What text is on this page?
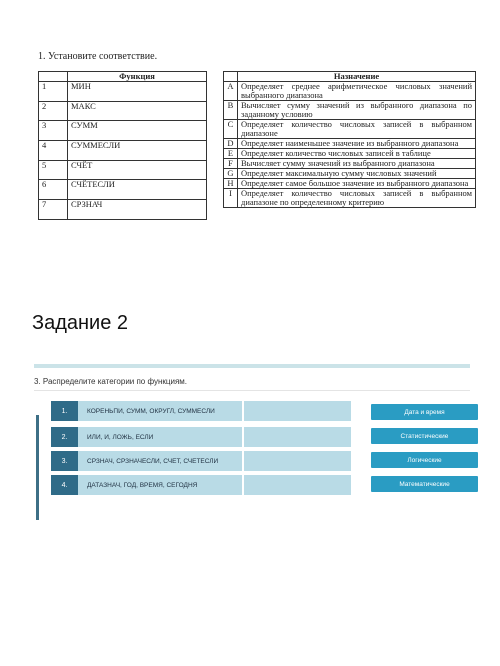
1. Установите соответствие.
	Функция
1	МИН
2	МАКС
3	СУММ
4	СУММЕСЛИ
5	СЧЁТ
6	СЧЁТЕСЛИ
7	СРЗНАЧ
	Назначение
A	Определяет среднее арифметическое числовых значений выбранного диапазона
B	Вычисляет сумму значений из выбранного диапазона по заданному условию
C	Определяет количество числовых записей в выбранном диапазоне
D	Определяет наименьшее значение из выбранного диапазона
E	Определяет количество числовых записей в таблице
F	Вычисляет сумму значений из выбранного диапазона
G	Определяет максимальную сумму числовых значений
H	Определяет самое большое значение из выбранного диапазона
I	Определяет количество числовых записей в выбранном диапазоне по определенному критерию
Задание 2
3. Распределите категории по функциям.
1.	КОРЕНЬПИ, СУММ, ОКРУГЛ, СУММЕСЛИ
2.	ИЛИ, И, ЛОЖЬ, ЕСЛИ
3.	СРЗНАЧ, СРЗНАЧЕСЛИ, СЧЕТ, СЧЕТЕСЛИ
4.	ДАТАЗНАЧ, ГОД, ВРЕМЯ, СЕГОДНЯ
Дата и время
Статистические
Логические
Математические
